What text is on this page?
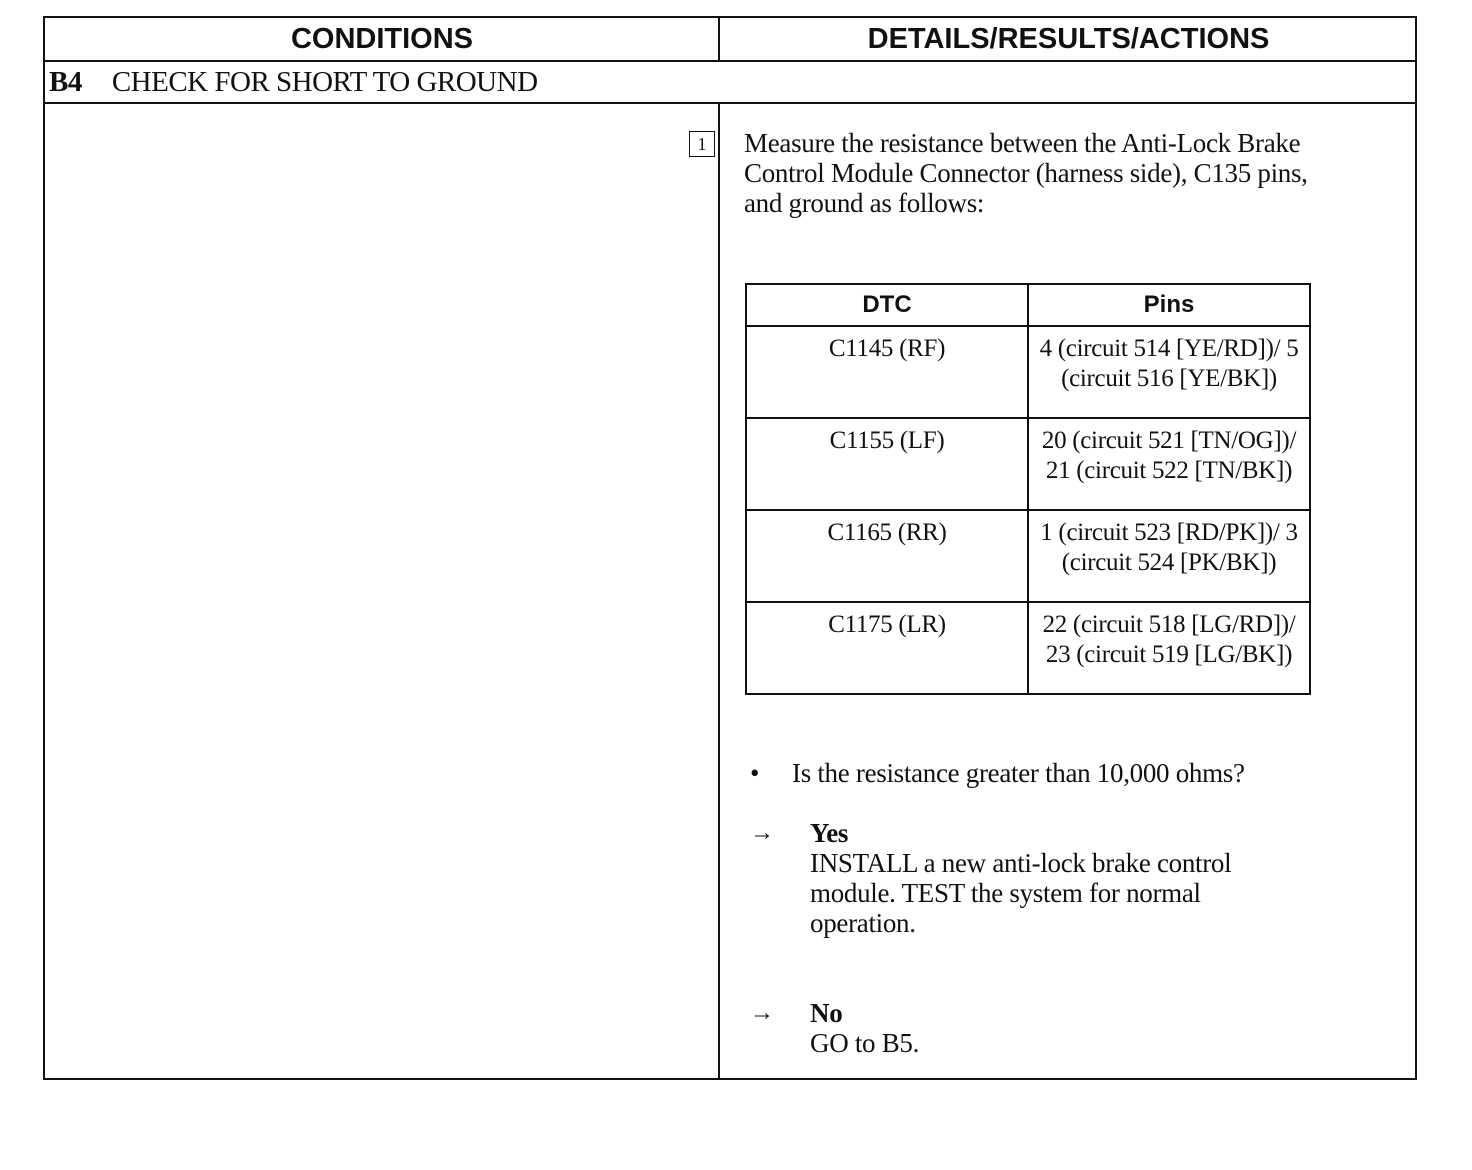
CONDITIONS	DETAILS/RESULTS/ACTIONS
B4 CHECK FOR SHORT TO GROUND
1	Measure the resistance between the Anti-Lock Brake Control Module Connector (harness side), C135 pins, and ground as follows:
DTC	Pins
C1145 (RF)	4 (circuit 514 [YE/RD])/ 5 (circuit 516 [YE/BK])
C1155 (LF)	20 (circuit 521 [TN/OG])/ 21 (circuit 522 [TN/BK])
C1165 (RR)	1 (circuit 523 [RD/PK])/ 3 (circuit 524 [PK/BK])
C1175 (LR)	22 (circuit 518 [LG/RD])/ 23 (circuit 519 [LG/BK])
• Is the resistance greater than 10,000 ohms?
→ Yes
INSTALL a new anti-lock brake control module. TEST the system for normal operation.
→ No
GO to B5.
